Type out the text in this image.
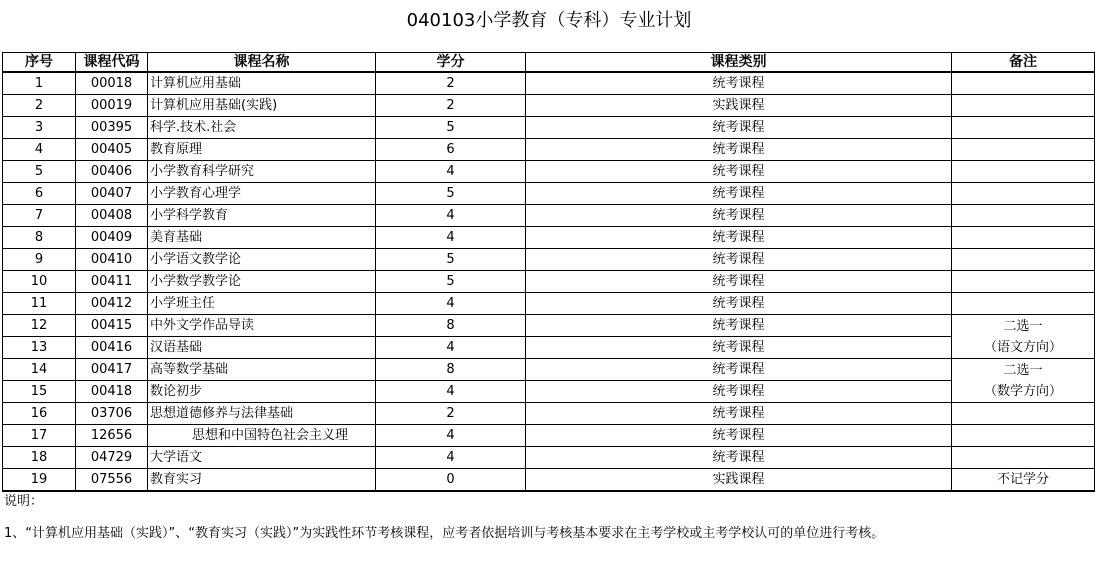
040103小学教育（专科）专业计划
序号	课程代码	课程名称	学分	课程类别	备注
1	00018	计算机应用基础	2	统考课程	
2	00019	计算机应用基础(实践)	2	实践课程	
3	00395	科学.技术.社会	5	统考课程	
4	00405	教育原理	6	统考课程	
5	00406	小学教育科学研究	4	统考课程	
6	00407	小学教育心理学	5	统考课程	
7	00408	小学科学教育	4	统考课程	
8	00409	美育基础	4	统考课程	
9	00410	小学语文教学论	5	统考课程	
10	00411	小学数学教学论	5	统考课程	
11	00412	小学班主任	4	统考课程	
12	00415	中外文学作品导读	8	统考课程	二选一
（语文方向）

13	00416	汉语基础	4	统考课程	
14	00417	高等数学基础	8	统考课程	二选一
（数学方向）

15	00418	数论初步	4	统考课程	
16	03706	思想道德修养与法律基础	2	统考课程	
17	12656	思想和中国特色社会主义理	4	统考课程	
18	04729	大学语文	4	统考课程	
19	07556	教育实习	0	实践课程	不记学分
说明：
1、“计算机应用基础（实践）”、“教育实习（实践）”为实践性环节考核课程，应考者依据培训与考核基本要求在主考学校或主考学校认可的单位进行考核。
